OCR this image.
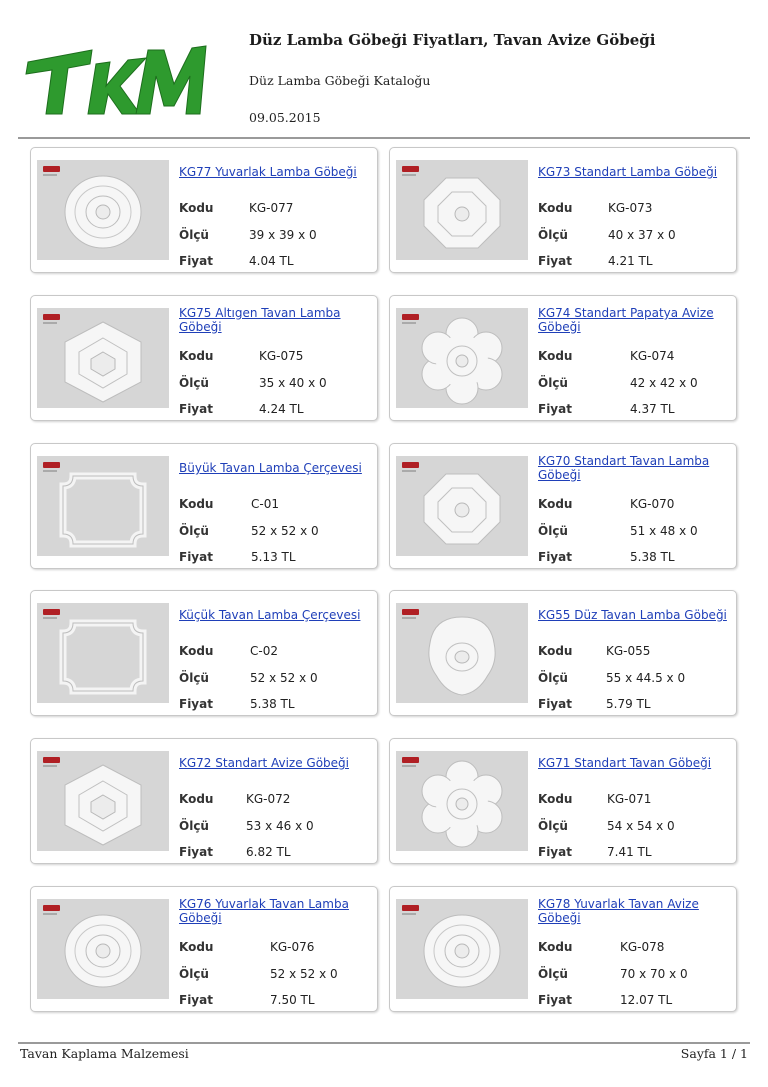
Düz Lamba Göbeği Fiyatları, Tavan Avize Göbeği
Düz Lamba Göbeği Kataloğu
09.05.2015
KG77 Yuvarlak Lamba Göbeği
Kodu	KG-077
Ölçü	39 x 39 x 0
Fiyat	4.04 TL
KG73 Standart Lamba Göbeği
Kodu	KG-073
Ölçü	40 x 37 x 0
Fiyat	4.21 TL
KG75 Altıgen Tavan Lamba Göbeği
Kodu	KG-075
Ölçü	35 x 40 x 0
Fiyat	4.24 TL
KG74 Standart Papatya Avize Göbeği
Kodu	KG-074
Ölçü	42 x 42 x 0
Fiyat	4.37 TL
Büyük Tavan Lamba Çerçevesi
Kodu	C-01
Ölçü	52 x 52 x 0
Fiyat	5.13 TL
KG70 Standart Tavan Lamba Göbeği
Kodu	KG-070
Ölçü	51 x 48 x 0
Fiyat	5.38 TL
Küçük Tavan Lamba Çerçevesi
Kodu	C-02
Ölçü	52 x 52 x 0
Fiyat	5.38 TL
KG55 Düz Tavan Lamba Göbeği
Kodu	KG-055
Ölçü	55 x 44.5 x 0
Fiyat	5.79 TL
KG72 Standart Avize Göbeği
Kodu	KG-072
Ölçü	53 x 46 x 0
Fiyat	6.82 TL
KG71 Standart Tavan Göbeği
Kodu	KG-071
Ölçü	54 x 54 x 0
Fiyat	7.41 TL
KG76 Yuvarlak Tavan Lamba Göbeği
Kodu	KG-076
Ölçü	52 x 52 x 0
Fiyat	7.50 TL
KG78 Yuvarlak Tavan Avize Göbeği
Kodu	KG-078
Ölçü	70 x 70 x 0
Fiyat	12.07 TL
Tavan Kaplama Malzemesi	Sayfa 1 / 1
